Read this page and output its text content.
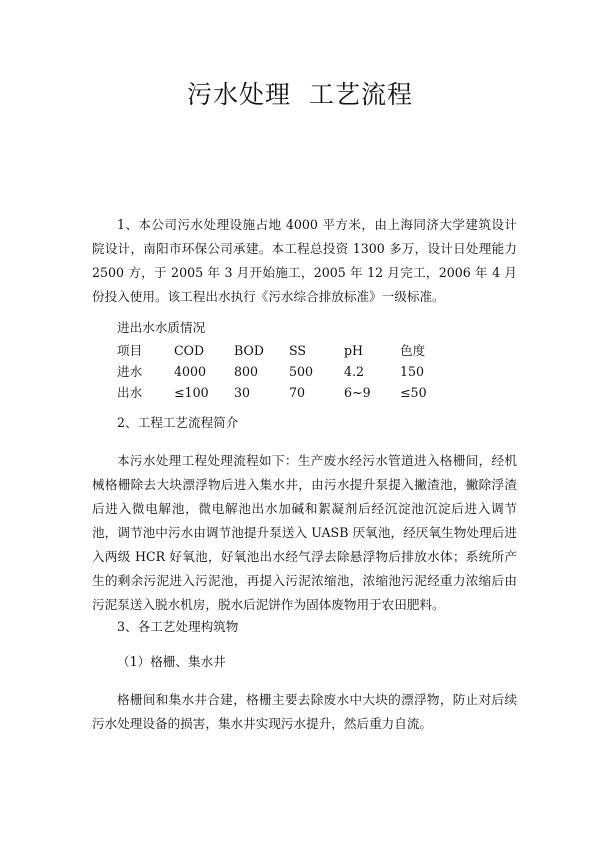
污水处理  工艺流程

1、本公司污水处理设施占地 4000 平方米，由上海同济大学建筑设计院设计，南阳市环保公司承建。本工程总投资 1300 多万，设计日处理能力 2500 方，于 2005 年 3 月开始施工，2005 年 12 月完工，2006 年 4 月份投入使用。该工程出水执行《污水综合排放标准》一级标准。

进出水水质情况
项目	COD	BOD	SS	pH	色度
进水	4000	800	500	4.2	150
出水	≤100	30	70	6~9	≤50
2、工程工艺流程简介

本污水处理工程处理流程如下：生产废水经污水管道进入格栅间，经机械格栅除去大块漂浮物后进入集水井，由污水提升泵提入撇渣池，撇除浮渣后进入微电解池，微电解池出水加碱和絮凝剂后经沉淀池沉淀后进入调节池，调节池中污水由调节池提升泵送入 UASB 厌氧池，经厌氧生物处理后进入两级 HCR 好氧池，好氧池出水经气浮去除悬浮物后排放水体；系统所产生的剩余污泥进入污泥池，再提入污泥浓缩池，浓缩池污泥经重力浓缩后由污泥泵送入脱水机房，脱水后泥饼作为固体废物用于农田肥料。

3、各工艺处理构筑物
（1）格栅、集水井

格栅间和集水井合建，格栅主要去除废水中大块的漂浮物，防止对后续污水处理设备的损害，集水井实现污水提升，然后重力自流。
